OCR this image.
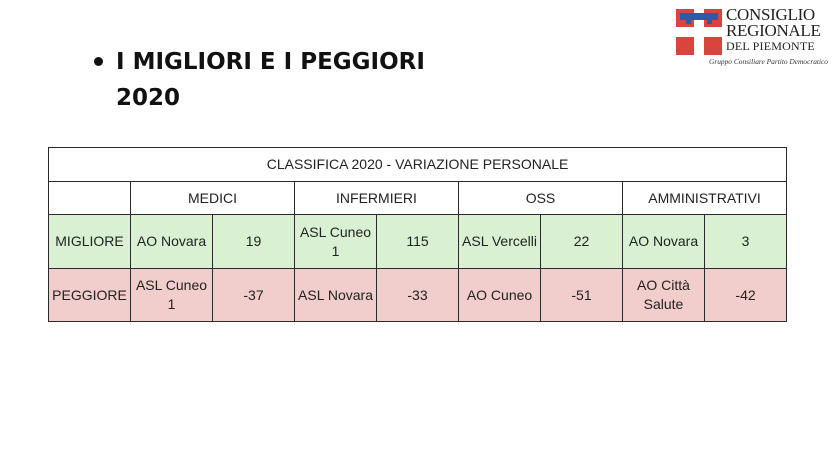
I MIGLIORI E I PEGGIORI
2020
CONSIGLIO
REGIONALE
DEL PIEMONTE
Gruppo Consiliare Partito Democratico
CLASSIFICA 2020 - VARIAZIONE PERSONALE								
	MEDICI		INFERMIERI		OSS		AMMINISTRATIVI	
MIGLIORE	AO Novara	19	ASL Cuneo 1	115	ASL Vercelli	22	AO Novara	3
PEGGIORE	ASL Cuneo 1	-37	ASL Novara	-33	AO Cuneo	-51	AO Città Salute	-42
